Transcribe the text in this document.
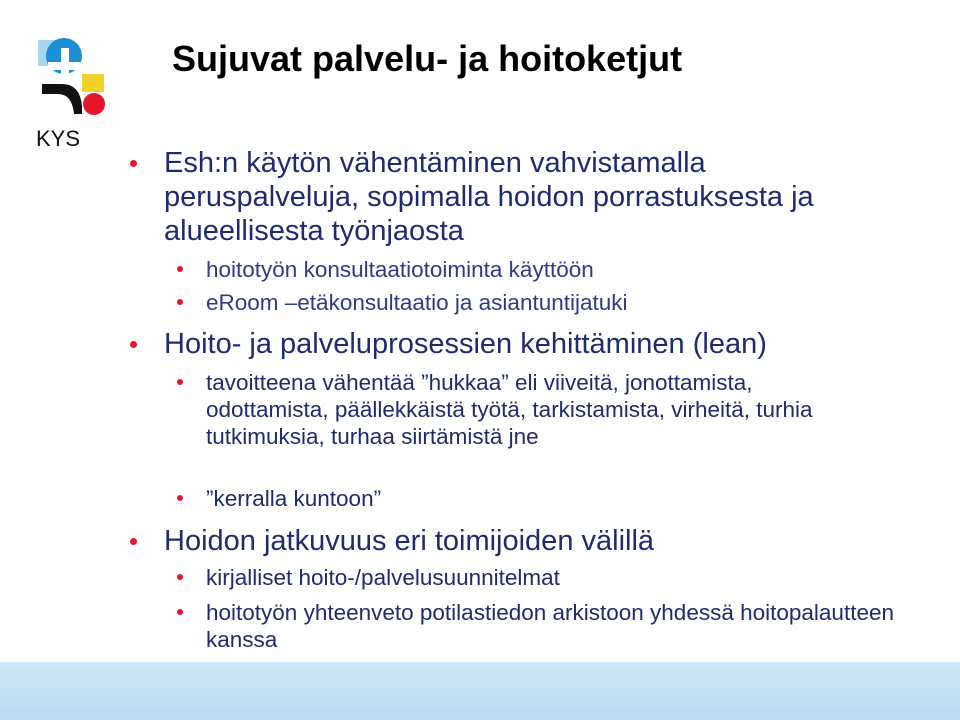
KYS
Sujuvat palvelu- ja hoitoketjut
Esh:n käytön vähentäminen vahvistamalla peruspalveluja, sopimalla hoidon porrastuksesta ja alueellisesta työnjaosta
hoitotyön konsultaatiotoiminta käyttöön
eRoom –etäkonsultaatio ja asiantuntijatuki
Hoito- ja palveluprosessien kehittäminen (lean)
tavoitteena vähentää ”hukkaa” eli viiveitä, jonottamista, odottamista, päällekkäistä työtä, tarkistamista, virheitä, turhia tutkimuksia, turhaa siirtämistä jne
”kerralla kuntoon”
Hoidon jatkuvuus eri toimijoiden välillä
kirjalliset hoito-/palvelusuunnitelmat
hoitotyön yhteenveto potilastiedon arkistoon yhdessä hoitopalautteen kanssa
